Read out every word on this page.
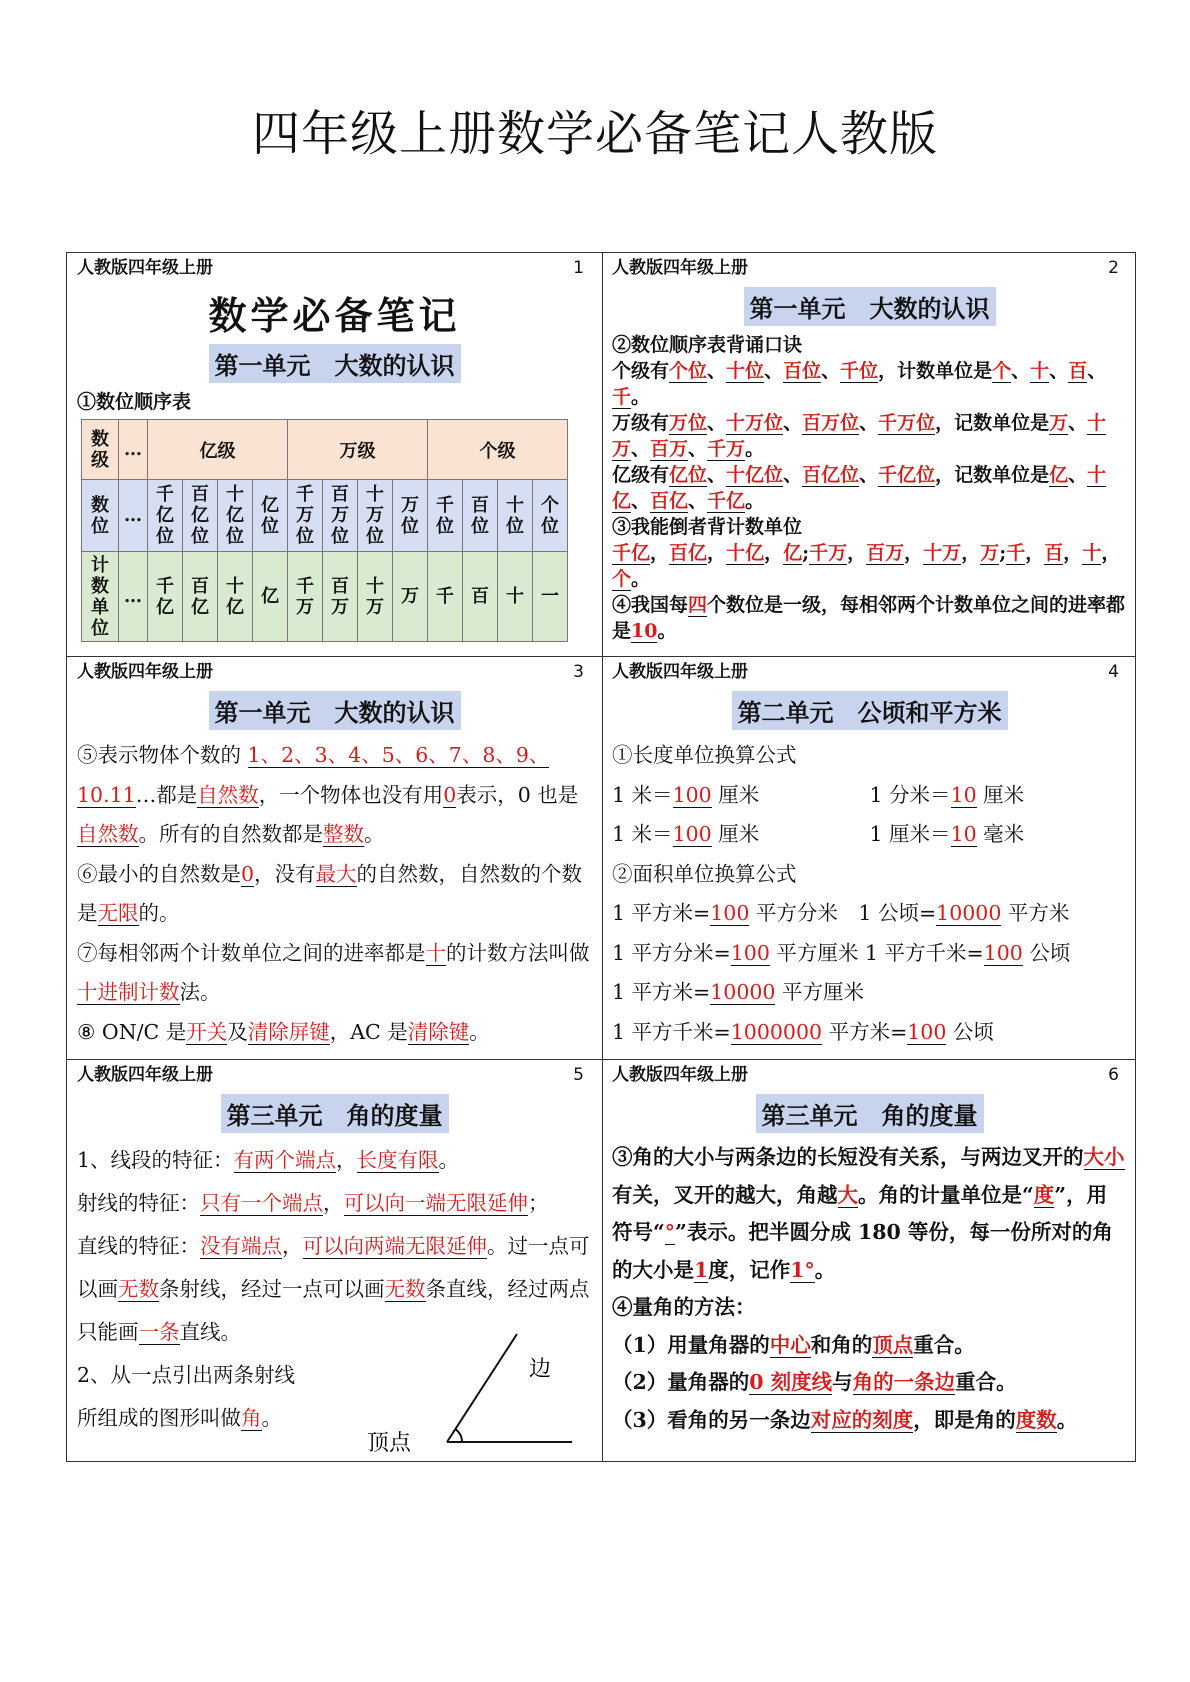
四年级上册数学必备笔记人教版
人教版四年级上册	1
数学必备笔记
第一单元　大数的认识
①数位顺序表
数级	…	亿级				万级				个级			
数位	…	千亿位	百亿位	十亿位	亿位	千万位	百万位	十万位	万位	千位	百位	十位	个位
计数单位	…	千亿	百亿	十亿	亿	千万	百万	十万	万	千	百	十	一
人教版四年级上册	2
第一单元　大数的认识
②数位顺序表背诵口诀
个级有个位、十位、百位、千位，计数单位是个、十、百、千。
万级有万位、十万位、百万位、千万位，记数单位是万、十万、百万、千万。
亿级有亿位、十亿位、百亿位、千亿位，记数单位是亿、十亿、百亿、千亿。
③我能倒者背计数单位
千亿，百亿，十亿，亿;千万，百万，十万，万;千，百，十，个。
④我国每四个数位是一级，每相邻两个计数单位之间的进率都是10。
人教版四年级上册	3
第一单元　大数的认识
⑤表示物体个数的 1、2、3、4、5、6、7、8、9、10.11…都是自然数，一个物体也没有用0表示，0 也是自然数。所有的自然数都是整数。
⑥最小的自然数是0，没有最大的自然数，自然数的个数是无限的。
⑦每相邻两个计数单位之间的进率都是十的计数方法叫做十进制计数法。
⑧ ON/C 是开关及清除屏键，AC 是清除键。
人教版四年级上册	4
第二单元　公顷和平方米
①长度单位换算公式
1 米＝100 厘米	1 分米＝10 厘米
1 米＝100 厘米	1 厘米＝10 毫米
②面积单位换算公式
1 平方米=100 平方分米　 1 公顷=10000 平方米
1 平方分米=100 平方厘米 1 平方千米=100 公顷
1 平方米=10000 平方厘米
1 平方千米=1000000 平方米=100 公顷
人教版四年级上册	5
第三单元　角的度量
1、线段的特征：有两个端点，长度有限。
射线的特征：只有一个端点，可以向一端无限延伸；
直线的特征：没有端点，可以向两端无限延伸。过一点可以画无数条射线，经过一点可以画无数条直线，经过两点只能画一条直线。
2、从一点引出两条射线
所组成的图形叫做角。
边
顶点
人教版四年级上册	6
第三单元　角的度量
③角的大小与两条边的长短没有关系，与两边叉开的大小有关，叉开的越大，角越大。角的计量单位是“度”，用符号“°”表示。把半圆分成 180 等份，每一份所对的角的大小是1度，记作1°。
④量角的方法：
（1）用量角器的中心和角的顶点重合。
（2）量角器的0 刻度线与角的一条边重合。
（3）看角的另一条边对应的刻度，即是角的度数。
